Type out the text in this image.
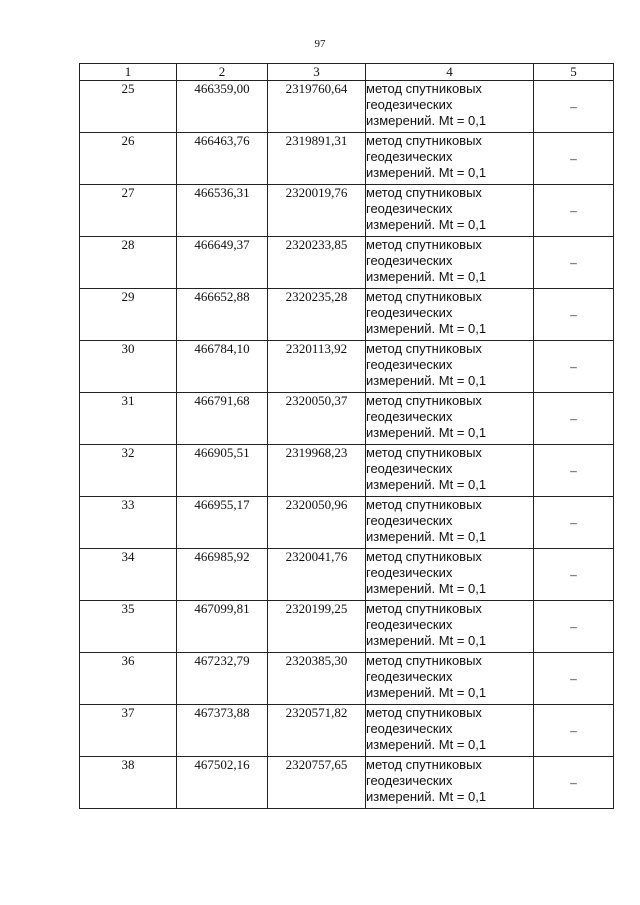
97
1	2	3	4	5
25	466359,00	2319760,64	метод спутниковых
геодезических
измерений. Mt = 0,1	–
26	466463,76	2319891,31	метод спутниковых
геодезических
измерений. Mt = 0,1	–
27	466536,31	2320019,76	метод спутниковых
геодезических
измерений. Mt = 0,1	–
28	466649,37	2320233,85	метод спутниковых
геодезических
измерений. Mt = 0,1	–
29	466652,88	2320235,28	метод спутниковых
геодезических
измерений. Mt = 0,1	–
30	466784,10	2320113,92	метод спутниковых
геодезических
измерений. Mt = 0,1	–
31	466791,68	2320050,37	метод спутниковых
геодезических
измерений. Mt = 0,1	–
32	466905,51	2319968,23	метод спутниковых
геодезических
измерений. Mt = 0,1	–
33	466955,17	2320050,96	метод спутниковых
геодезических
измерений. Mt = 0,1	–
34	466985,92	2320041,76	метод спутниковых
геодезических
измерений. Mt = 0,1	–
35	467099,81	2320199,25	метод спутниковых
геодезических
измерений. Mt = 0,1	–
36	467232,79	2320385,30	метод спутниковых
геодезических
измерений. Mt = 0,1	–
37	467373,88	2320571,82	метод спутниковых
геодезических
измерений. Mt = 0,1	–
38	467502,16	2320757,65	метод спутниковых
геодезических
измерений. Mt = 0,1	–
